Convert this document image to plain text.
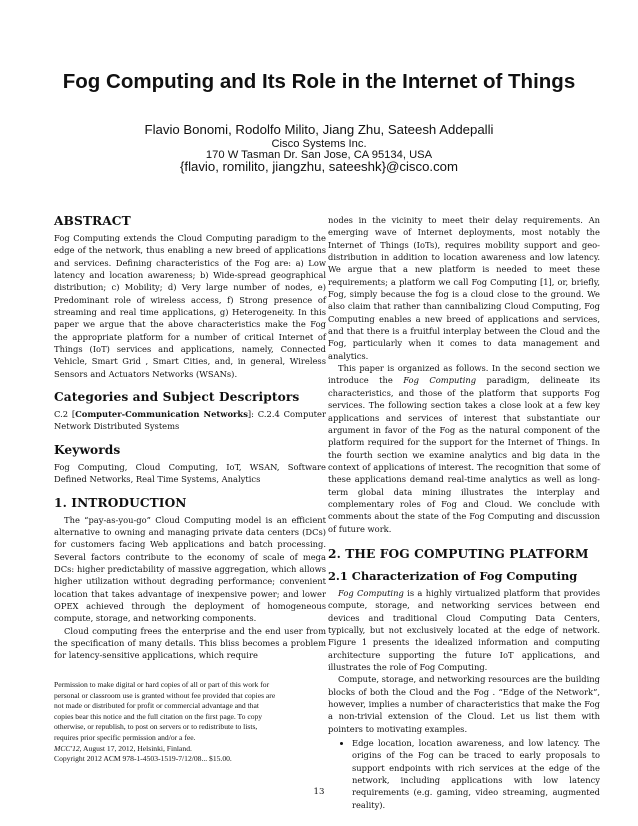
Fog Computing and Its Role in the Internet of Things
Flavio Bonomi, Rodolfo Milito, Jiang Zhu, Sateesh Addepalli
Cisco Systems Inc.
170 W Tasman Dr. San Jose, CA 95134, USA
{flavio, romilito, jiangzhu, sateeshk}@cisco.com
ABSTRACT

Fog Computing extends the Cloud Computing paradigm to the edge of the network, thus enabling a new breed of applications and services. Defining characteristics of the Fog are: a) Low latency and location awareness; b) Wide-spread geographical distribution; c) Mobility; d) Very large number of nodes, e) Predominant role of wireless access, f) Strong presence of streaming and real time applications, g) Heterogeneity. In this paper we argue that the above characteristics make the Fog the appropriate platform for a number of critical Internet of Things (IoT) services and applications, namely, Connected Vehicle, Smart Grid , Smart Cities, and, in general, Wireless Sensors and Actuators Networks (WSANs).

Categories and Subject Descriptors

C.2 [Computer-Communication Networks]: C.2.4 Computer Network Distributed Systems

Keywords

Fog Computing, Cloud Computing, IoT, WSAN, Software Defined Networks, Real Time Systems, Analytics

1. INTRODUCTION

The “pay-as-you-go” Cloud Computing model is an efficient alternative to owning and managing private data centers (DCs) for customers facing Web applications and batch processing. Several factors contribute to the economy of scale of mega DCs: higher predictability of massive aggregation, which allows higher utilization without degrading performance; convenient location that takes advantage of inexpensive power; and lower OPEX achieved through the deployment of homogeneous compute, storage, and networking components.

Cloud computing frees the enterprise and the end user from the specification of many details. This bliss becomes a problem for latency-sensitive applications, which require

Permission to make digital or hard copies of all or part of this work for
personal or classroom use is granted without fee provided that copies are
not made or distributed for profit or commercial advantage and that
copies bear this notice and the full citation on the first page. To copy
otherwise, or republish, to post on servers or to redistribute to lists,
requires prior specific permission and/or a fee.
MCC'12, August 17, 2012, Helsinki, Finland.
Copyright 2012 ACM 978-1-4503-1519-7/12/08... $15.00.

nodes in the vicinity to meet their delay requirements. An emerging wave of Internet deployments, most notably the Internet of Things (IoTs), requires mobility support and geo-distribution in addition to location awareness and low latency. We argue that a new platform is needed to meet these requirements; a platform we call Fog Computing [1], or, briefly, Fog, simply because the fog is a cloud close to the ground. We also claim that rather than cannibalizing Cloud Computing, Fog Computing enables a new breed of applications and services, and that there is a fruitful interplay between the Cloud and the Fog, particularly when it comes to data management and analytics.

This paper is organized as follows. In the second section we introduce the Fog Computing paradigm, delineate its characteristics, and those of the platform that supports Fog services. The following section takes a close look at a few key applications and services of interest that substantiate our argument in favor of the Fog as the natural component of the platform required for the support for the Internet of Things. In the fourth section we examine analytics and big data in the context of applications of interest. The recognition that some of these applications demand real-time analytics as well as long-term global data mining illustrates the interplay and complementary roles of Fog and Cloud. We conclude with comments about the state of the Fog Computing and discussion of future work.

2. THE FOG COMPUTING PLATFORM
2.1 Characterization of Fog Computing

Fog Computing is a highly virtualized platform that provides compute, storage, and networking services between end devices and traditional Cloud Computing Data Centers, typically, but not exclusively located at the edge of network. Figure 1 presents the idealized information and computing architecture supporting the future IoT applications, and illustrates the role of Fog Computing.

Compute, storage, and networking resources are the building blocks of both the Cloud and the Fog . “Edge of the Network”, however, implies a number of characteristics that make the Fog a non-trivial extension of the Cloud. Let us list them with pointers to motivating examples.

• Edge location, location awareness, and low latency. The origins of the Fog can be traced to early proposals to support endpoints with rich services at the edge of the network, including applications with low latency requirements (e.g. gaming, video streaming, augmented reality).
13
